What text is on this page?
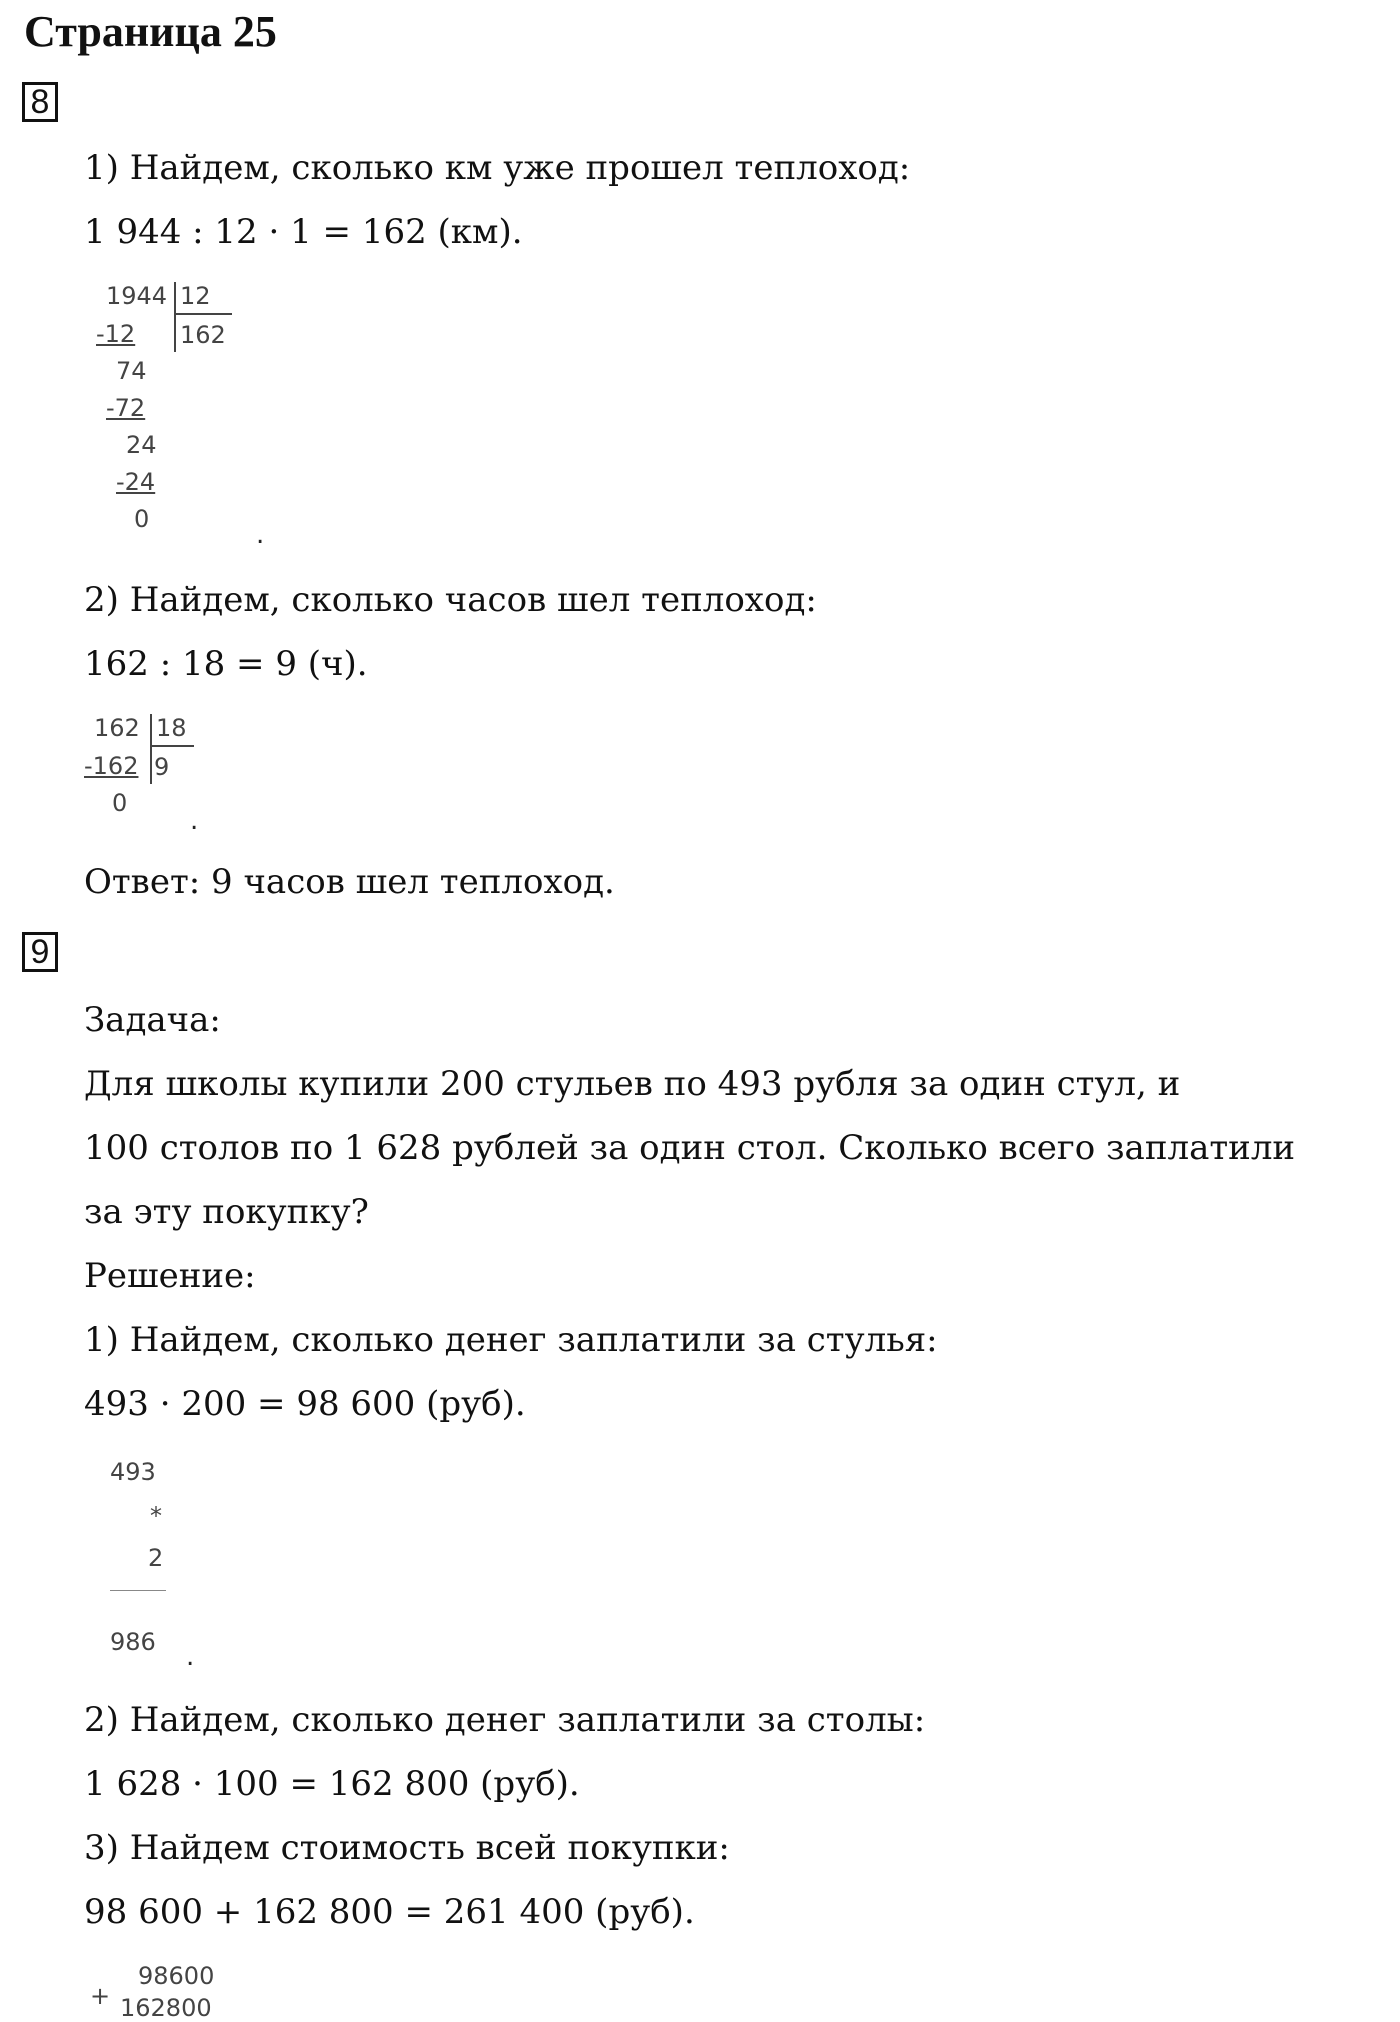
Страница 25
8
1) Найдем, сколько км уже прошел теплоход:
1 944 : 12 · 1 = 162 (км).
1944 12
162
-12
74
-72
24
-24
0
.
2) Найдем, сколько часов шел теплоход:
162 : 18 = 9 (ч).
162 18
9
-162
0
.
Ответ: 9 часов шел теплоход.
9
Задача:
Для школы купили 200 стульев по 493 рубля за один стул, и
100 столов по 1 628 рублей за один стол. Сколько всего заплатили
за эту покупку?
Решение:
1) Найдем, сколько денег заплатили за стулья:
493 · 200 = 98 600 (руб).
493
*
2
986 .
2) Найдем, сколько денег заплатили за столы:
1 628 · 100 = 162 800 (руб).
3) Найдем стоимость всей покупки:
98 600 + 162 800 = 261 400 (руб).
+
98600
162800
